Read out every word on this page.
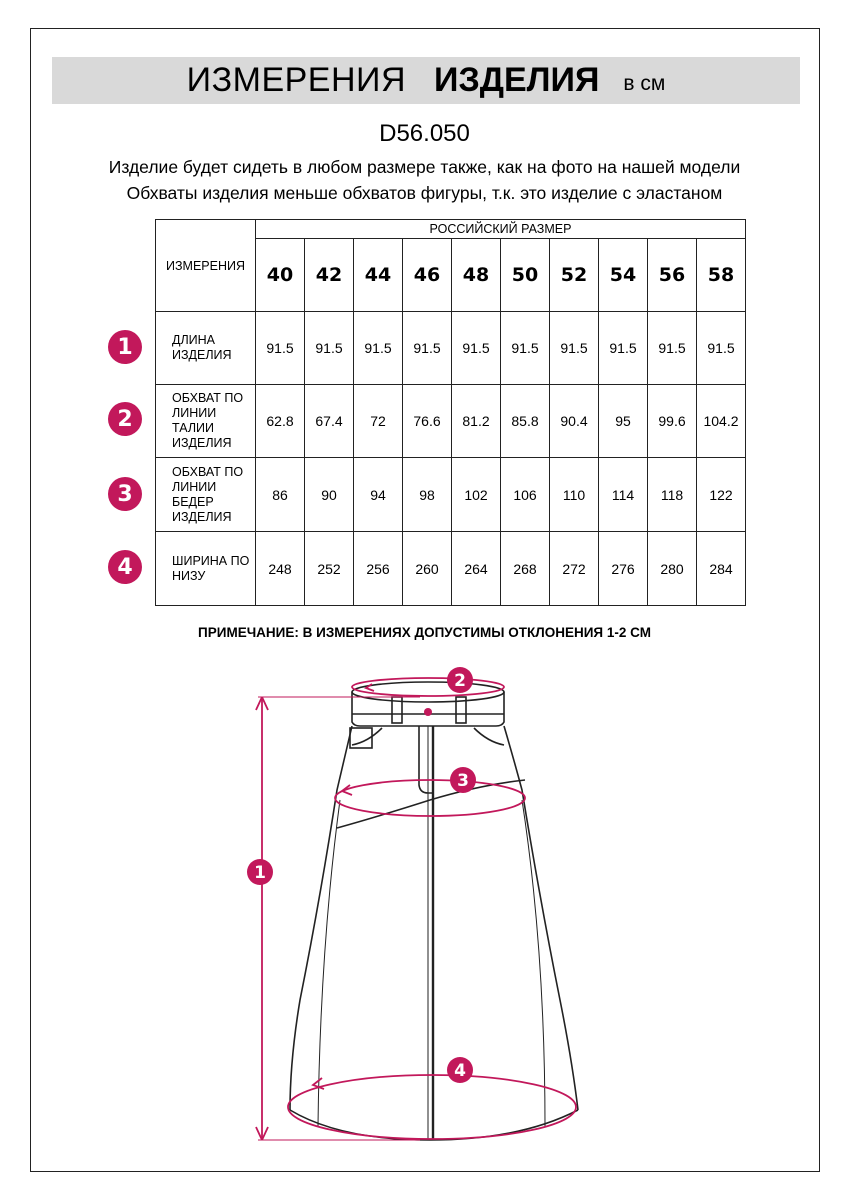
ИЗМЕРЕНИЯ ИЗДЕЛИЯ в см
D56.050
Изделие будет сидеть в любом размере также, как на фото на нашей модели
Обхваты изделия меньше обхватов фигуры, т.к. это изделие с эластаном
ИЗМЕРЕНИЯ	РОССИЙСКИЙ РАЗМЕР									
	40	42	44	46	48	50	52	54	56	58
ДЛИНА
ИЗДЕЛИЯ	91.5	91.5	91.5	91.5	91.5	91.5	91.5	91.5	91.5	91.5
ОБХВАТ ПО
ЛИНИИ
ТАЛИИ
ИЗДЕЛИЯ	62.8	67.4	72	76.6	81.2	85.8	90.4	95	99.6	104.2
ОБХВАТ ПО
ЛИНИИ
БЕДЕР
ИЗДЕЛИЯ	86	90	94	98	102	106	110	114	118	122
ШИРИНА ПО
НИЗУ	248	252	256	260	264	268	272	276	280	284
1
2
3
4
ПРИМЕЧАНИЕ: В ИЗМЕРЕНИЯХ ДОПУСТИМЫ ОТКЛОНЕНИЯ 1-2 СМ
2
3
1
4
